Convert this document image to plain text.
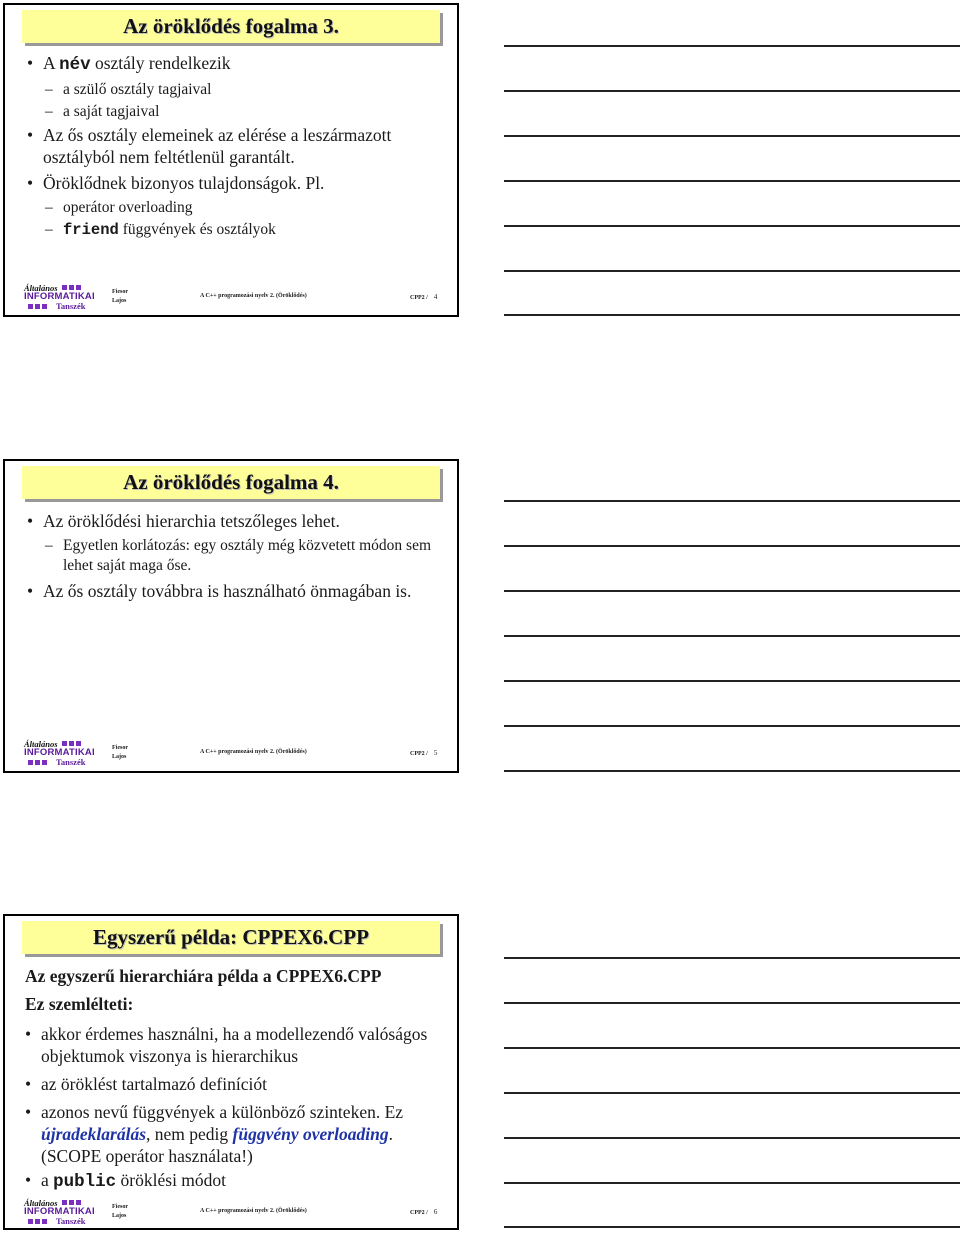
Az öröklődés fogalma 3.
• A név osztály rendelkezik
– a szülő osztály tagjaival
– a saját tagjaival
• Az ős osztály elemeinek az elérése a leszármazott osztályból nem feltétlenül garantált.
• Öröklődnek bizonyos tulajdonságok. Pl.
– operátor overloading
– friend függvények és osztályok
Általános
INFORMATIKAI
Tanszék
Fiesor
Lajos
A C++ programozási nyelv 2. (Öröklődés)	CPP2 / 4
Az öröklődés fogalma 4.
• Az öröklődési hierarchia tetszőleges lehet.
– Egyetlen korlátozás: egy osztály még közvetett módon sem lehet saját maga őse.
• Az ős osztály továbbra is használható önmagában is.
Általános
INFORMATIKAI
Tanszék
Fiesor
Lajos
A C++ programozási nyelv 2. (Öröklődés)	CPP2 / 5
Egyszerű példa: CPPEX6.CPP
Az egyszerű hierarchiára példa a CPPEX6.CPP
Ez szemlélteti:
• akkor érdemes használni, ha a modellezendő valóságos objektumok viszonya is hierarchikus
• az öröklést tartalmazó definíciót
• azonos nevű függvények a különböző szinteken. Ez újradeklarálás, nem pedig függvény overloading. (SCOPE operátor használata!)
• a public öröklési módot
Általános
INFORMATIKAI
Tanszék
Fiesor
Lajos
A C++ programozási nyelv 2. (Öröklődés)	CPP2 / 6
